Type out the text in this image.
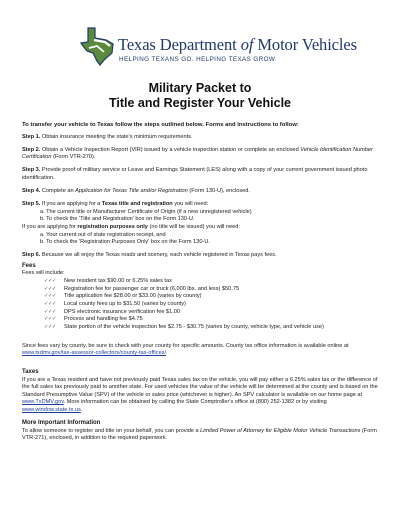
Texas Department of Motor Vehicles
HELPING TEXANS GO. HELPING TEXAS GROW.
Military Packet to
Title and Register Your Vehicle

To transfer your vehicle to Texas follow the steps outlined below. Forms and instructions to follow:

Step 1. Obtain insurance meeting the state's minimum requirements.

Step 2. Obtain a Vehicle Inspection Report (VIR) issued by a vehicle inspection station or complete an enclosed Vehicle Identification Number Certification (Form VTR-270).

Step 3. Provide proof of military service or Leave and Earnings Statement (LES) along with a copy of your current government issued photo identification.

Step 4. Complete an Application for Texas Title and/or Registration (Form 130-U), enclosed.

Step 5. If you are applying for a Texas title and registration you will need:

a. The current title or Manufacturer Certificate of Origin (if a new unregistered vehicle)

b. To check the 'Title and Registration' box on the Form 130-U.

If you are applying for registration purposes only (no title will be issued) you will need:

a. Your current out of state registration receipt, and

b. To check the 'Registration Purposes Only' box on the Form 130-U.

Step 6. Because we all enjoy the Texas roads and scenery, each vehicle registered in Texas pays fees.

Fees

Fees will include:

✓✓✓	New resident tax $90.00 or 6.25% sales tax
✓✓✓	Registration fee for passenger car or truck (6,000 lbs. and less) $50.75
✓✓✓	Title application fee $28.00 or $33.00 (varies by county)
✓✓✓	Local county fees up to $31.50 (varies by county)
✓✓✓	DPS electronic insurance verification fee $1.00
✓✓✓	Process and handling fee $4.75
✓✓✓	State portion of the vehicle inspection fee $2.75 - $30.75 (varies by county, vehicle type, and vehicle use)

Since fees vary by county, be sure to check with your county for specific amounts. County tax office information is available online at www.txdmv.gov/tax-assessor-collectors/county-tax-offices/.

Taxes

If you are a Texas resident and have not previously paid Texas sales tax on the vehicle, you will pay either a 6.25% sales tax or the difference of the full sales tax previously paid to another state. For used vehicles the value of the vehicle will be determined at the county and is based on the Standard Presumptive Value (SPV) of the vehicle or sales price (whichever is higher). An SPV calculator is available on our home page at www.TxDMV.gov. More information can be obtained by calling the State Comptroller's office at (800) 252-1382 or by visiting www.window.state.tx.us.

More Important Information

To allow someone to register and title on your behalf, you can provide a Limited Power of Attorney for Eligible Motor Vehicle Transactions (Form VTR-271), enclosed, in addition to the required paperwork.
